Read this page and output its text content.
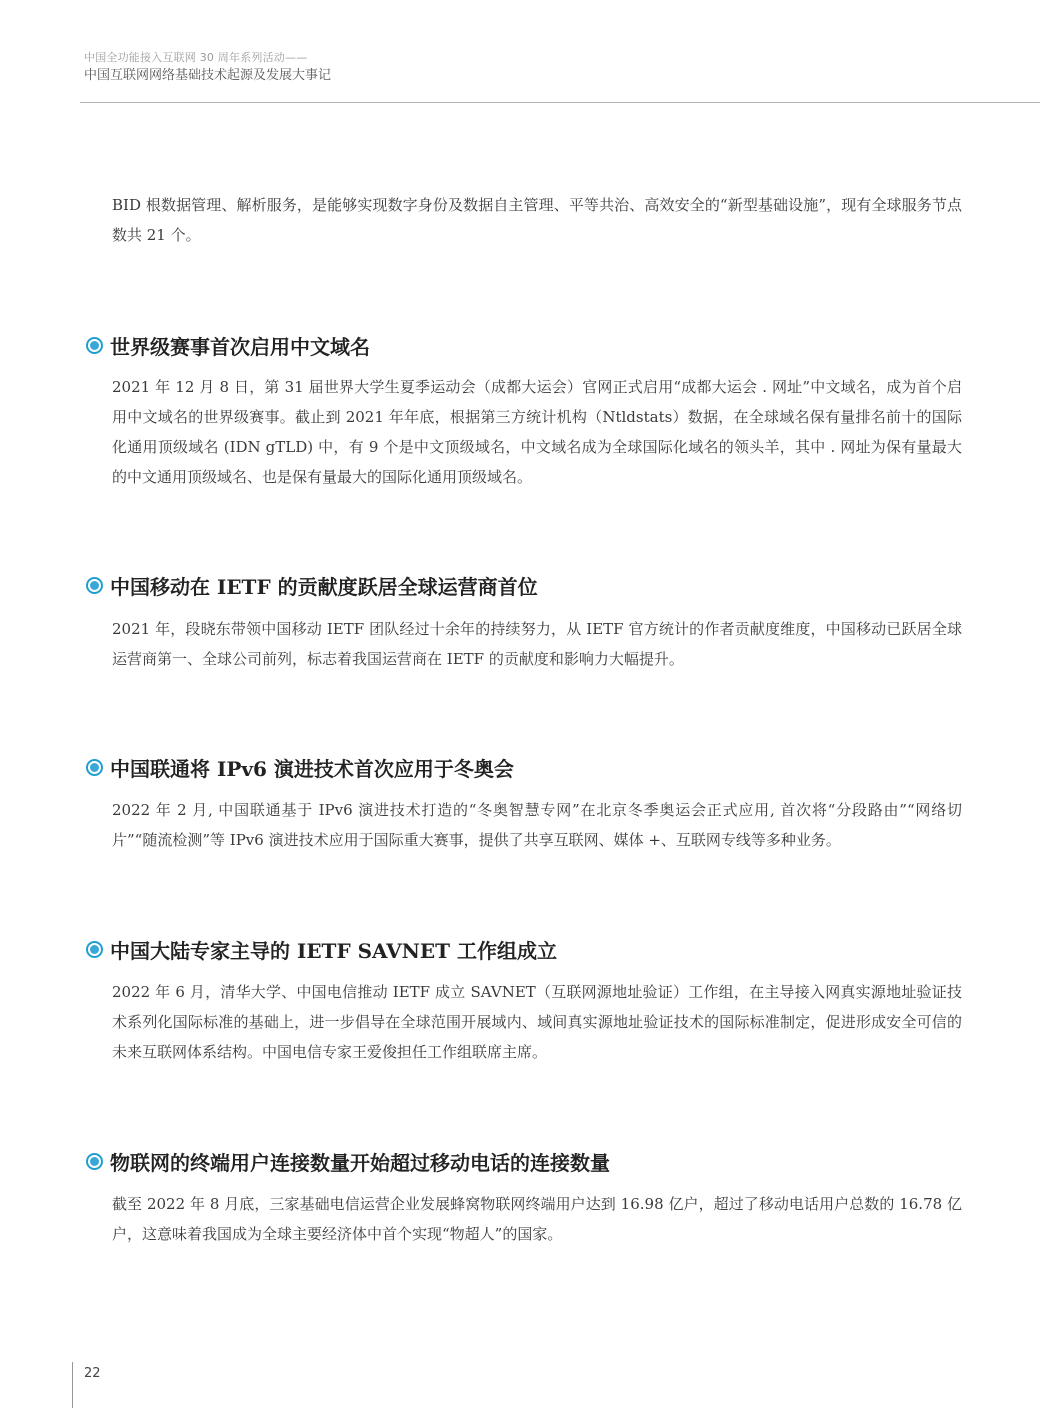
中国全功能接入互联网 30 周年系列活动——
中国互联网网络基础技术起源及发展大事记
BID 根数据管理、解析服务，是能够实现数字身份及数据自主管理、平等共治、高效安全的“新型基础设施”，现有全球服务节点数共 21 个。
世界级赛事首次启用中文域名
2021 年 12 月 8 日，第 31 届世界大学生夏季运动会（成都大运会）官网正式启用“成都大运会 . 网址”中文域名，成为首个启用中文域名的世界级赛事。截止到 2021 年年底，根据第三方统计机构（Ntldstats）数据，在全球域名保有量排名前十的国际化通用顶级域名 (IDN gTLD) 中，有 9 个是中文顶级域名，中文域名成为全球国际化域名的领头羊，其中 . 网址为保有量最大的中文通用顶级域名、也是保有量最大的国际化通用顶级域名。
中国移动在 IETF 的贡献度跃居全球运营商首位
2021 年，段晓东带领中国移动 IETF 团队经过十余年的持续努力，从 IETF 官方统计的作者贡献度维度，中国移动已跃居全球运营商第一、全球公司前列，标志着我国运营商在 IETF 的贡献度和影响力大幅提升。
中国联通将 IPv6 演进技术首次应用于冬奥会
2022 年 2 月, 中国联通基于 IPv6 演进技术打造的“冬奥智慧专网”在北京冬季奥运会正式应用, 首次将“分段路由”“网络切片”“随流检测”等 IPv6 演进技术应用于国际重大赛事，提供了共享互联网、媒体 +、互联网专线等多种业务。
中国大陆专家主导的 IETF SAVNET 工作组成立
2022 年 6 月，清华大学、中国电信推动 IETF 成立 SAVNET（互联网源地址验证）工作组，在主导接入网真实源地址验证技术系列化国际标准的基础上，进一步倡导在全球范围开展域内、域间真实源地址验证技术的国际标准制定，促进形成安全可信的未来互联网体系结构。中国电信专家王爱俊担任工作组联席主席。
物联网的终端用户连接数量开始超过移动电话的连接数量
截至 2022 年 8 月底，三家基础电信运营企业发展蜂窝物联网终端用户达到 16.98 亿户，超过了移动电话用户总数的 16.78 亿户，这意味着我国成为全球主要经济体中首个实现“物超人”的国家。
22
